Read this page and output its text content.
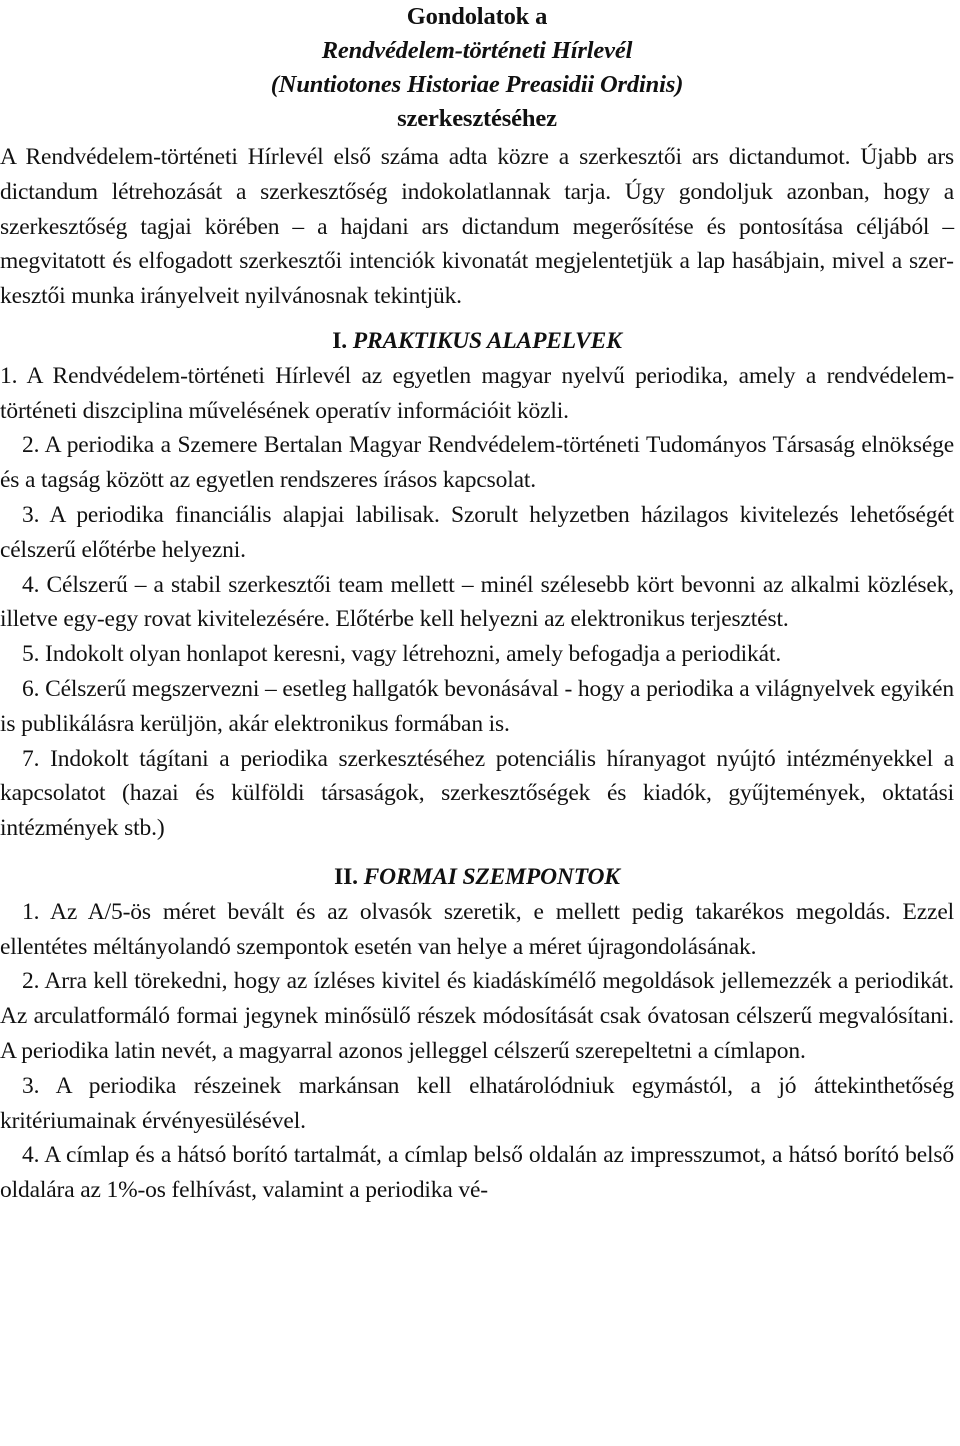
Gondolatok a
Rendvédelem-történeti Hírlevél
(Nuntiotones Historiae Preasidii Ordinis)
szerkesztéséhez

A Rendvédelem-történeti Hírlevél első száma adta közre a szerkesztői ars dictandumot. Újabb ars dictandum létrehozását a szerkesztőség indokolatlannak tarja. Úgy gondoljuk azonban, hogy a szerkesztőség tagjai körében – a hajdani ars dictandum megerősítése és pontosítása céljából – megvitatott és elfogadott szerkesztői intenciók kivonatát megjelentetjük a lap hasábjain, mivel a szerkesztői munka irányelveit nyilvánosnak tekintjük.

I. PRAKTIKUS ALAPELVEK

1. A Rendvédelem-történeti Hírlevél az egyetlen magyar nyelvű periodika, amely a rendvédelem-történeti diszciplina művelésének operatív információit közli.

2. A periodika a Szemere Bertalan Magyar Rendvédelem-történeti Tudományos Társaság elnöksége és a tagság között az egyetlen rendszeres írásos kapcsolat.

3. A periodika financiális alapjai labilisak. Szorult helyzetben házilagos kivitelezés lehetőségét célszerű előtérbe helyezni.

4. Célszerű – a stabil szerkesztői team mellett – minél szélesebb kört bevonni az alkalmi közlések, illetve egy-egy rovat kivitelezésére. Előtérbe kell helyezni az elektronikus terjesztést.

5. Indokolt olyan honlapot keresni, vagy létrehozni, amely befogadja a periodikát.

6. Célszerű megszervezni – esetleg hallgatók bevonásával - hogy a periodika a világnyelvek egyikén is publikálásra kerüljön, akár elektronikus formában is.

7. Indokolt tágítani a periodika szerkesztéséhez potenciális híranyagot nyújtó intézményekkel a kapcsolatot (hazai és külföldi társaságok, szerkesztőségek és kiadók, gyűjtemények, oktatási intézmények stb.)

II. FORMAI SZEMPONTOK

1. Az A/5-ös méret bevált és az olvasók szeretik, e mellett pedig takarékos megoldás. Ezzel ellentétes méltányolandó szempontok esetén van helye a méret újragondolásának.

2. Arra kell törekedni, hogy az ízléses kivitel és kiadáskímélő megoldások jellemezzék a periodikát. Az arculatformáló formai jegynek minősülő részek módosítását csak óvatosan célszerű megvalósítani. A periodika latin nevét, a magyarral azonos jelleggel célszerű szerepeltetni a címlapon.

3. A periodika részeinek markánsan kell elhatárolódniuk egymástól, a jó áttekinthetőség kritériumainak érvényesülésével.

4. A címlap és a hátsó borító tartalmát, a címlap belső oldalán az impresszumot, a hátsó borító belső oldalára az 1%-os felhívást, valamint a periodika vé-
